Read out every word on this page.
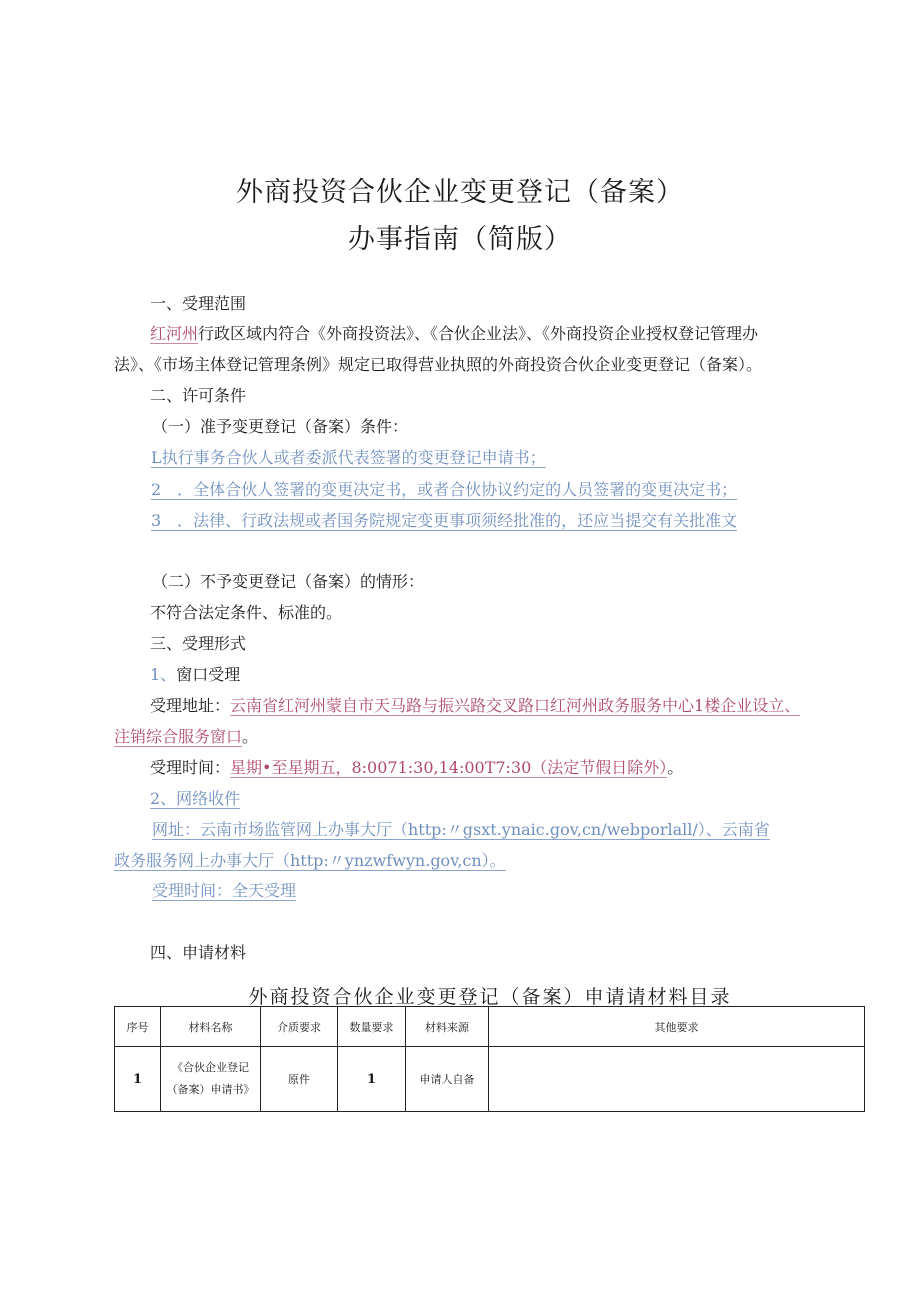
外商投资合伙企业变更登记（备案）
办事指南（简版）
一、受理范围
红河州行政区域内符合《外商投资法》、《合伙企业法》、《外商投资企业授权登记管理办
法》、《市场主体登记管理条例》规定已取得营业执照的外商投资合伙企业变更登记（备案）。
二、许可条件
（一）准予变更登记（备案）条件：
L执行事务合伙人或者委派代表签署的变更登记申请书；
2　．全体合伙人签署的变更决定书，或者合伙协议约定的人员签署的变更决定书；
3　．法律、行政法规或者国务院规定变更事项须经批准的，还应当提交有关批准文
（二）不予变更登记（备案）的情形：
不符合法定条件、标准的。
三、受理形式
1、窗口受理
受理地址：云南省红河州蒙自市天马路与振兴路交叉路口红河州政务服务中心1楼企业设立、
注销综合服务窗口。
受理时间：星期•至星期五，8:0071:30,14:00T7:30（法定节假日除外）。
2、网络收件
网址：云南市场监管网上办事大厅（http:〃gsxt.ynaic.gov,cn/webporlall/）、云南省
政务服务网上办事大厅（http:〃ynzwfwyn.gov,cn）。
受理时间：全天受理
四、申请材料
外商投资合伙企业变更登记（备案）申请请材料目录
序号	材料名称	介质要求	数量要求	材料来源	其他要求
1	《合伙企业登记
（备案）申请书》	原件	1	申请人自备	
